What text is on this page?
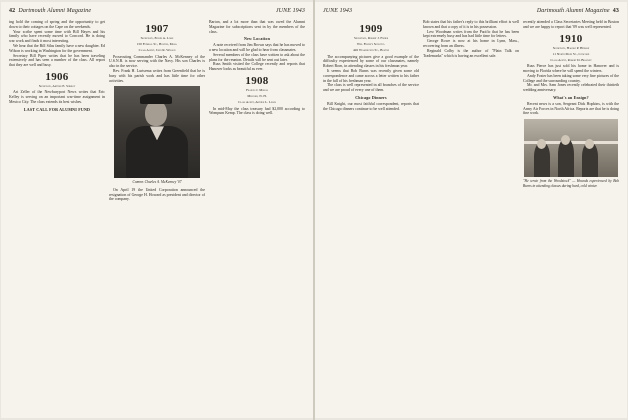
42 Dartmouth Alumni Magazine	JUNE 1943

ing hold the coming of spring and the opportunity to get down to their cottages on the Cape on the weekends.

Your scribe spent some time with Bill Hayes and his family who have recently moved to Concord. He is doing war work and finds it most interesting.

We hear that the Bill Silas family have a new daughter. Ed Wilson is working in Washington for the government.

Secretary Bill Piper writes that he has been traveling extensively and has seen a number of the class. All report that they are well and busy.

1906
Secretary, Arthur E. Shirley

Art Zeller of the Newburyport News writes that Eric Kelley is serving on an important war-time assignment in Mexico City. The class extends its best wishes.

LAST CALL FOR ALUMNI FUND
1907
Secretary, Edwin A. Lowe
150 Federal St., Boston, Mass.
Class Agent, John R. Wilson

Prosecuting Commander Charles A. McKenney of the U.S.N.R. is now serving with the Navy. His son Charles is also in the service.

Rev. Frank H. Lurtsema writes from Greenfield that he is busy with his parish work and has little time for other activities.

Commr. Charles A. McKenney '07

On April 19 the United Corporation announced the resignation of George H. Howard as president and director of the company.

Barton, and a lot more than that was owed the Alumni Magazine for subscriptions sent in by the members of the class.

New Location

A note received from Jim Brown says that he has moved to a new location and will be glad to hear from classmates.

Several members of the class have written to ask about the plans for the reunion. Details will be sent out later.

Russ Smith visited the College recently and reports that Hanover looks as beautiful as ever.

1908
Francis J. Moran
Milford, N. H.
Class Agent, Arthur L. Lewis

In mid-May the class treasury had $2,000 according to Wompum Kemp. The class is doing well.

JUNE 1943	Dartmouth Alumni Magazine 43
1909
Secretary, Robert J. Fisher
Wm. Filene's Sons Co.
426 Washington St., Boston

The accompanying pictures give a good example of the difficulty experienced by some of our classmates, namely Robert Born, in attending classes in his freshman year.

It seems that Bob Burns was recently given some old correspondence and came across a letter written to his father in the fall of his freshman year.

The class is well represented in all branches of the service and we are proud of every one of them.

Chicago Dinners

Bill Knight, our most faithful correspondent, reports that the Chicago dinners continue to be well attended.

Bob states that his father's reply to this brilliant effort is well known and that a copy of it is in his possession.

Lew Woodman writes from the Pacific that he has been kept extremely busy and has had little time for letters.

George Rowe is now at his home in Lynn, Mass., recovering from an illness.

Reginald Colby is the author of "Plain Talk on Trademarks" which is having an excellent sale.

recently attended a Class Secretaries Meeting held in Boston and we are happy to report that '09 was well represented.

1910
Secretary, Harold P. Hinman
11 North Main St., Concord
Class Agent, Robert D. Bradley

Russ Pierce has just sold his home in Hanover and is moving to Florida where he will spend the winters.

Andy Foster has been taking some very fine pictures of the College and the surrounding country.

Mr. and Mrs. Sam Jones recently celebrated their thirtieth wedding anniversary.

What's an Ensign?

Recent news is a son, Sergeant Dick Hopkins, is with the Army Air Forces in North Africa. Reports are that he is doing fine work.

"He wrote from the Woodstock" — Hounds experienced by Bob Burns in attending classes during hard, cold winter.
